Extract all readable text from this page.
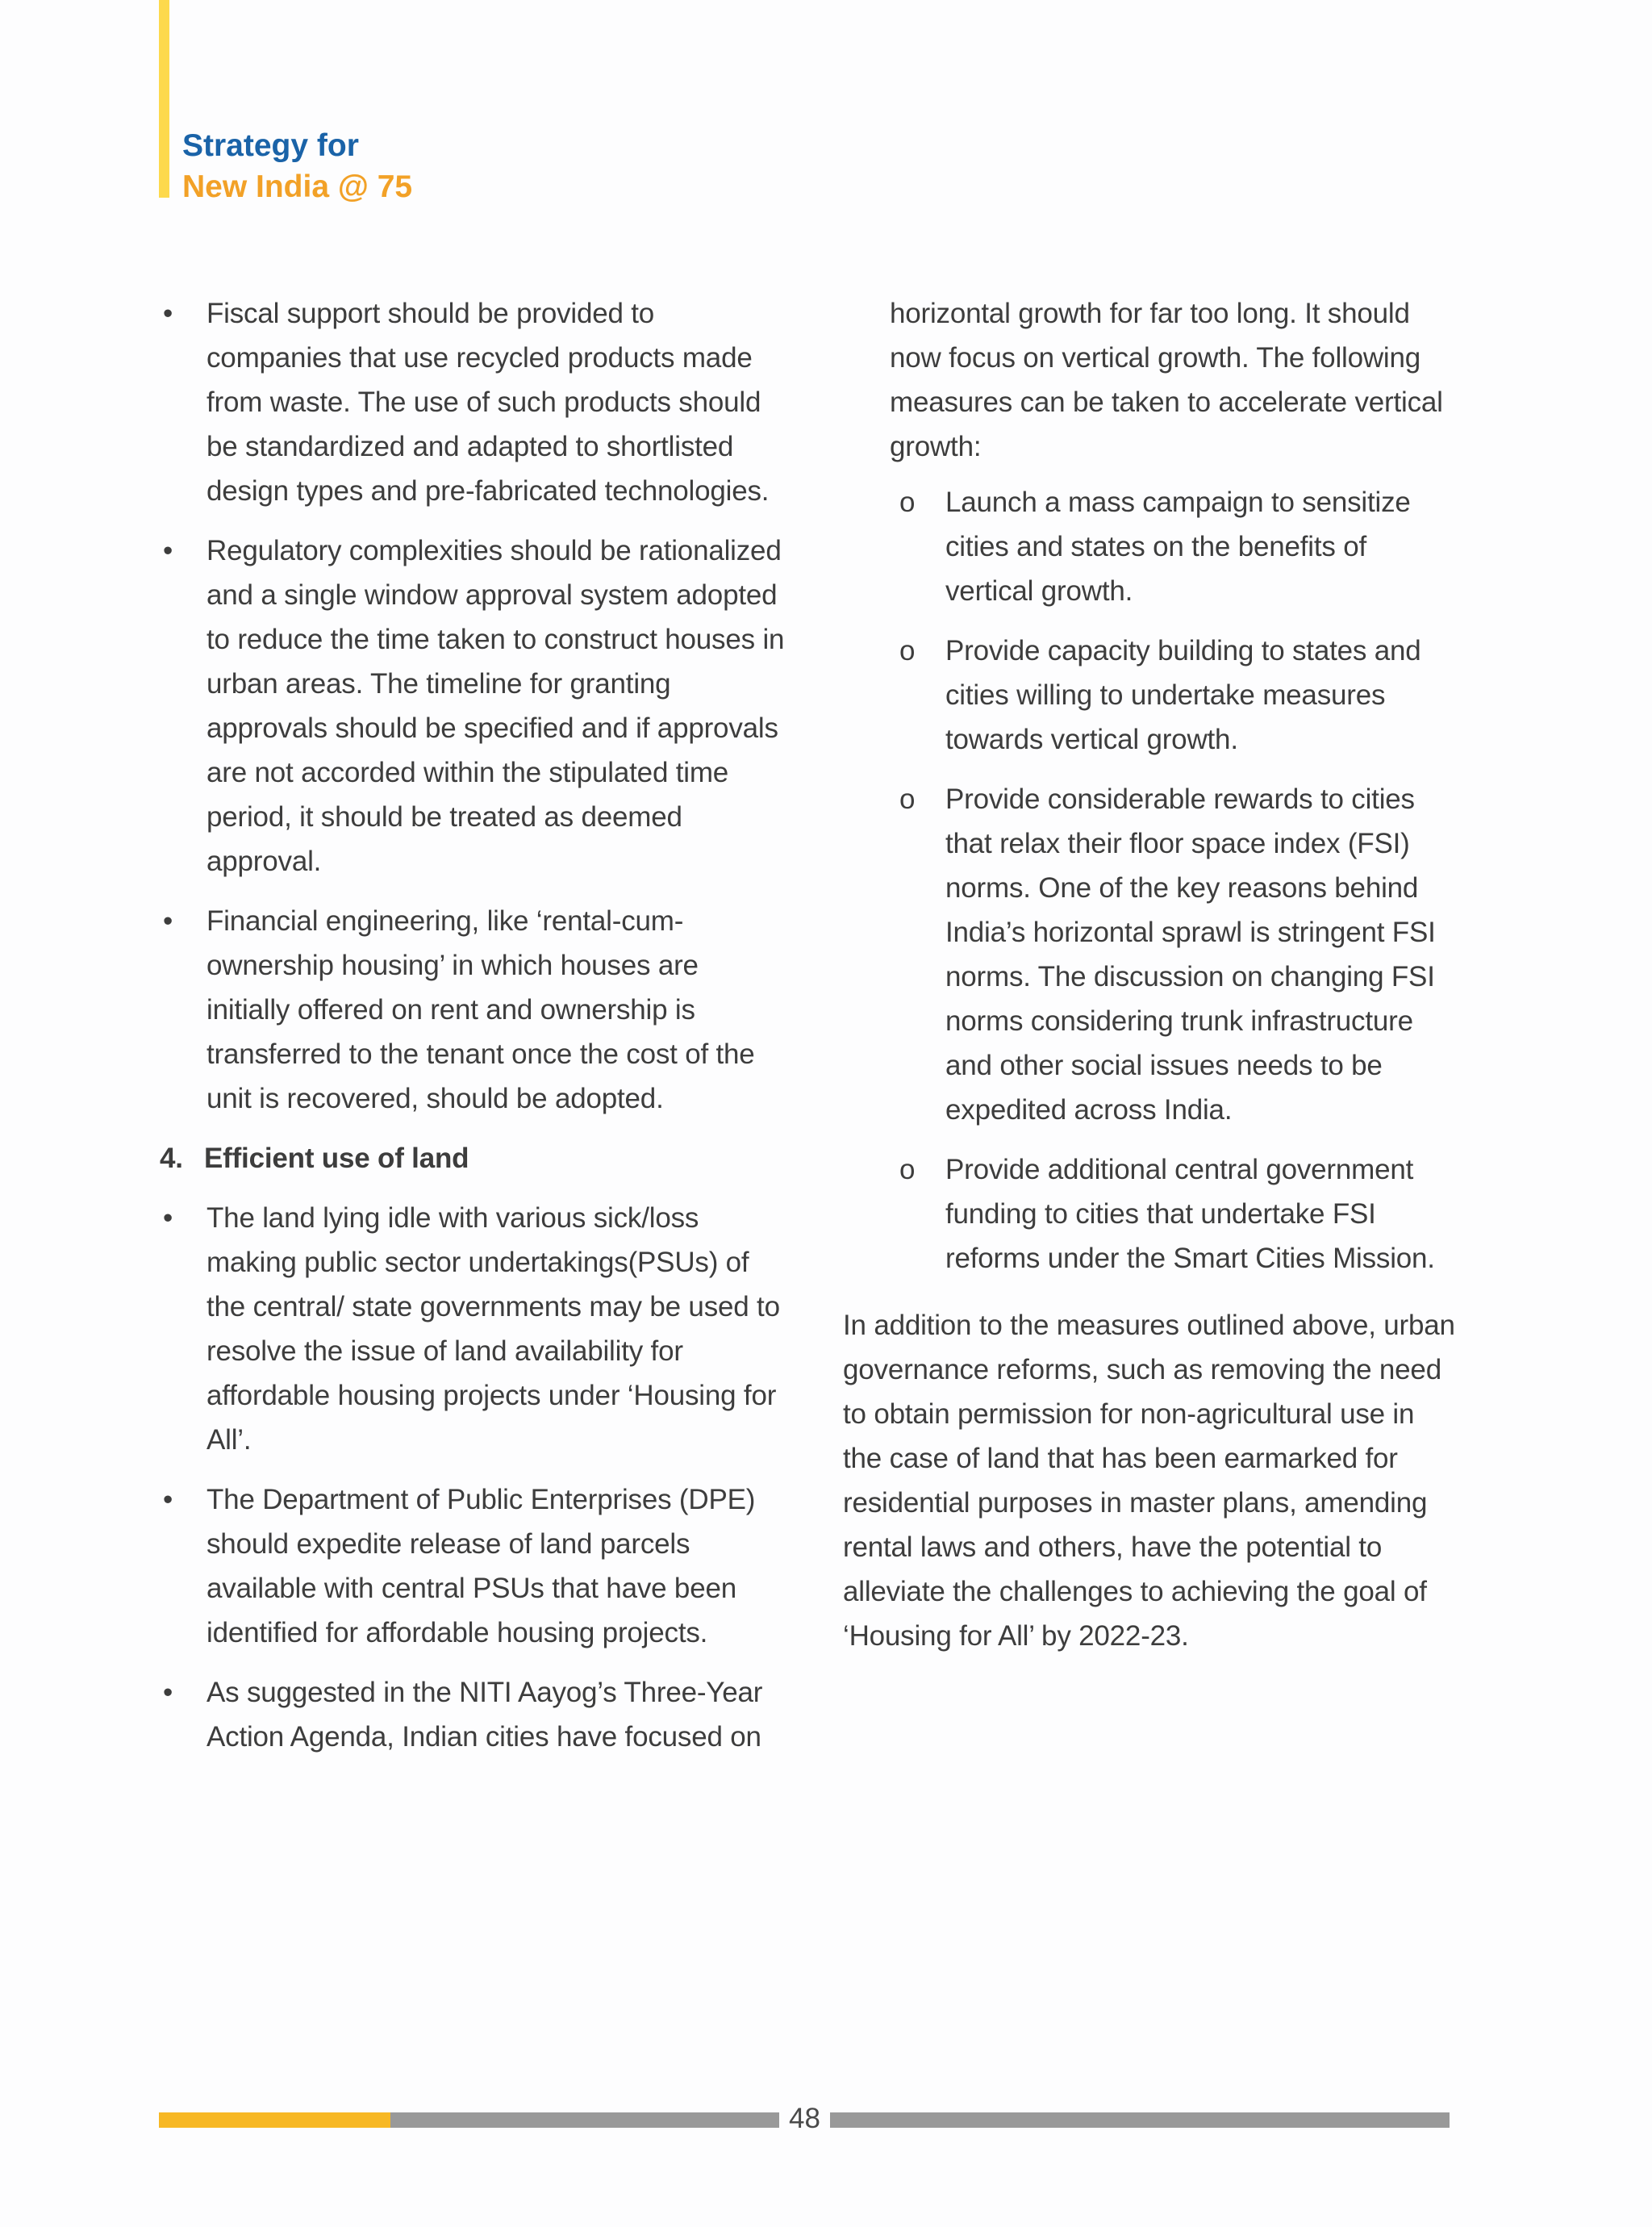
Strategy for
New India @ 75
• Fiscal support should be provided to companies that use recycled products made from waste. The use of such products should be standardized and adapted to shortlisted design types and pre-fabricated technologies.
• Regulatory complexities should be rationalized and a single window approval system adopted to reduce the time taken to construct houses in urban areas. The timeline for granting approvals should be specified and if approvals are not accorded within the stipulated time period, it should be treated as deemed approval.
• Financial engineering, like ‘rental-cum-ownership housing’ in which houses are initially offered on rent and ownership is transferred to the tenant once the cost of the unit is recovered, should be adopted.
4. Efficient use of land
• The land lying idle with various sick/loss making public sector undertakings(PSUs) of the central/ state governments may be used to resolve the issue of land availability for affordable housing projects under ‘Housing for All’.
• The Department of Public Enterprises (DPE) should expedite release of land parcels available with central PSUs that have been identified for affordable housing projects.
• As suggested in the NITI Aayog’s Three-Year Action Agenda, Indian cities have focused on
horizontal growth for far too long. It should now focus on vertical growth. The following measures can be taken to accelerate vertical growth:
o Launch a mass campaign to sensitize cities and states on the benefits of vertical growth.
o Provide capacity building to states and cities willing to undertake measures towards vertical growth.
o Provide considerable rewards to cities that relax their floor space index (FSI) norms. One of the key reasons behind India’s horizontal sprawl is stringent FSI norms. The discussion on changing FSI norms considering trunk infrastructure and other social issues needs to be expedited across India.
o Provide additional central government funding to cities that undertake FSI reforms under the Smart Cities Mission.
In addition to the measures outlined above, urban governance reforms, such as removing the need to obtain permission for non-agricultural use in the case of land that has been earmarked for residential purposes in master plans, amending rental laws and others, have the potential to alleviate the challenges to achieving the goal of ‘Housing for All’ by 2022-23.
48
